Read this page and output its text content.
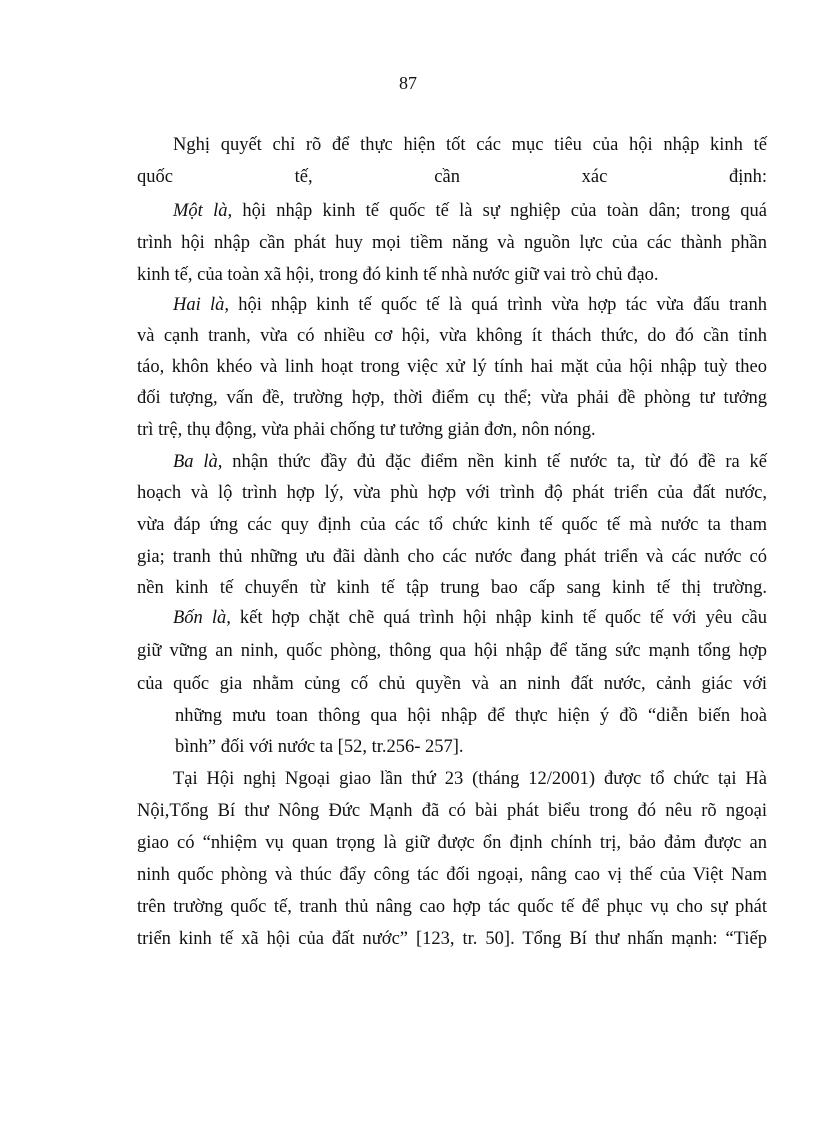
87
Nghị quyết chỉ rõ để thực hiện tốt các mục tiêu của hội nhập kinh tế
quốc tế, cần xác định:
Một là, hội nhập kinh tế quốc tế là sự nghiệp của toàn dân; trong quá
trình hội nhập cần phát huy mọi tiềm năng và nguồn lực của các thành phần
kinh tế, của toàn xã hội, trong đó kinh tế nhà nước giữ vai trò chủ đạo.
Hai là, hội nhập kinh tế quốc tế là quá trình vừa hợp tác vừa đấu tranh
và cạnh tranh, vừa có nhiều cơ hội, vừa không ít thách thức, do đó cần tỉnh
táo, khôn khéo và linh hoạt trong việc xử lý tính hai mặt của hội nhập tuỳ theo
đối tượng, vấn đề, trường hợp, thời điểm cụ thể; vừa phải đề phòng tư tưởng
trì trệ, thụ động, vừa phải chống tư tưởng giản đơn, nôn nóng.
Ba là, nhận thức đầy đủ đặc điểm nền kinh tế nước ta, từ đó đề ra kế
hoạch và lộ trình hợp lý, vừa phù hợp với trình độ phát triển của đất nước,
vừa đáp ứng các quy định của các tổ chức kinh tế quốc tế mà nước ta tham
gia; tranh thủ những ưu đãi dành cho các nước đang phát triển và các nước có
nền kinh tế chuyển từ kinh tế tập trung bao cấp sang kinh tế thị trường.
Bốn là, kết hợp chặt chẽ quá trình hội nhập kinh tế quốc tế với yêu cầu
giữ vững an ninh, quốc phòng, thông qua hội nhập để tăng sức mạnh tổng hợp
của quốc gia nhằm củng cố chủ quyền và an ninh đất nước, cảnh giác với
những mưu toan thông qua hội nhập để thực hiện ý đồ “diễn biến hoà
bình” đối với nước ta [52, tr.256- 257].
Tại Hội nghị Ngoại giao lần thứ 23 (tháng 12/2001) được tổ chức tại Hà
Nội,Tổng Bí thư Nông Đức Mạnh đã có bài phát biểu trong đó nêu rõ ngoại
giao có “nhiệm vụ quan trọng là giữ được ổn định chính trị, bảo đảm được an
ninh quốc phòng và thúc đẩy công tác đối ngoại, nâng cao vị thế của Việt Nam
trên trường quốc tế, tranh thủ nâng cao hợp tác quốc tế để phục vụ cho sự phát
triển kinh tế xã hội của đất nước” [123, tr. 50]. Tổng Bí thư nhấn mạnh: “Tiếp
